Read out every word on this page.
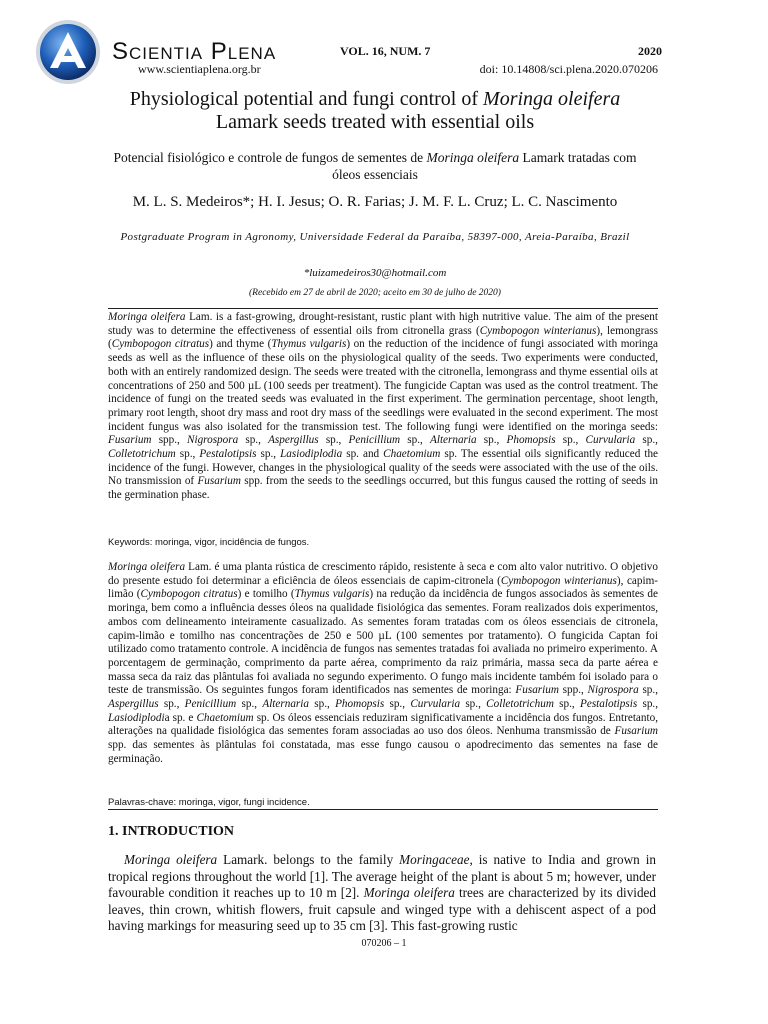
Scientia Plena
www.scientiaplena.org.br
VOL. 16, NUM. 7	2020
doi: 10.14808/sci.plena.2020.070206
Physiological potential and fungi control of Moringa oleifera Lamark seeds treated with essential oils
Potencial fisiológico e controle de fungos de sementes de Moringa oleifera Lamark tratadas com óleos essenciais
M. L. S. Medeiros*; H. I. Jesus; O. R. Farias; J. M. F. L. Cruz; L. C. Nascimento
Postgraduate Program in Agronomy, Universidade Federal da Paraíba, 58397-000, Areia-Paraíba, Brazil
*luizamedeiros30@hotmail.com
(Recebido em 27 de abril de 2020; aceito em 30 de julho de 2020)
Moringa oleifera Lam. is a fast-growing, drought-resistant, rustic plant with high nutritive value. The aim of the present study was to determine the effectiveness of essential oils from citronella grass (Cymbopogon winterianus), lemongrass (Cymbopogon citratus) and thyme (Thymus vulgaris) on the reduction of the incidence of fungi associated with moringa seeds as well as the influence of these oils on the physiological quality of the seeds. Two experiments were conducted, both with an entirely randomized design. The seeds were treated with the citronella, lemongrass and thyme essential oils at concentrations of 250 and 500 µL (100 seeds per treatment). The fungicide Captan was used as the control treatment. The incidence of fungi on the treated seeds was evaluated in the first experiment. The germination percentage, shoot length, primary root length, shoot dry mass and root dry mass of the seedlings were evaluated in the second experiment. The most incident fungus was also isolated for the transmission test. The following fungi were identified on the moringa seeds: Fusarium spp., Nigrospora sp., Aspergillus sp., Penicillium sp., Alternaria sp., Phomopsis sp., Curvularia sp., Colletotrichum sp., Pestalotipsis sp., Lasiodiplodia sp. and Chaetomium sp. The essential oils significantly reduced the incidence of the fungi. However, changes in the physiological quality of the seeds were associated with the use of the oils. No transmission of Fusarium spp. from the seeds to the seedlings occurred, but this fungus caused the rotting of seeds in the germination phase.
Keywords: moringa, vigor, incidência de fungos.
Moringa oleifera Lam. é uma planta rústica de crescimento rápido, resistente à seca e com alto valor nutritivo. O objetivo do presente estudo foi determinar a eficiência de óleos essenciais de capim-citronela (Cymbopogon winterianus), capim-limão (Cymbopogon citratus) e tomilho (Thymus vulgaris) na redução da incidência de fungos associados às sementes de moringa, bem como a influência desses óleos na qualidade fisiológica das sementes. Foram realizados dois experimentos, ambos com delineamento inteiramente casualizado. As sementes foram tratadas com os óleos essenciais de citronela, capim-limão e tomilho nas concentrações de 250 e 500 µL (100 sementes por tratamento). O fungicida Captan foi utilizado como tratamento controle. A incidência de fungos nas sementes tratadas foi avaliada no primeiro experimento. A porcentagem de germinação, comprimento da parte aérea, comprimento da raiz primária, massa seca da parte aérea e massa seca da raiz das plântulas foi avaliada no segundo experimento. O fungo mais incidente também foi isolado para o teste de transmissão. Os seguintes fungos foram identificados nas sementes de moringa: Fusarium spp., Nigrospora sp., Aspergillus sp., Penicillium sp., Alternaria sp., Phomopsis sp., Curvularia sp., Colletotrichum sp., Pestalotipsis sp., Lasiodiplodia sp. e Chaetomium sp. Os óleos essenciais reduziram significativamente a incidência dos fungos. Entretanto, alterações na qualidade fisiológica das sementes foram associadas ao uso dos óleos. Nenhuma transmissão de Fusarium spp. das sementes às plântulas foi constatada, mas esse fungo causou o apodrecimento das sementes na fase de germinação.
Palavras-chave: moringa, vigor, fungi incidence.
1. INTRODUCTION
Moringa oleifera Lamark. belongs to the family Moringaceae, is native to India and grown in tropical regions throughout the world [1]. The average height of the plant is about 5 m; however, under favourable condition it reaches up to 10 m [2]. Moringa oleifera trees are characterized by its divided leaves, thin crown, whitish flowers, fruit capsule and winged type with a dehiscent aspect of a pod having markings for measuring seed up to 35 cm [3]. This fast-growing rustic
070206 – 1
